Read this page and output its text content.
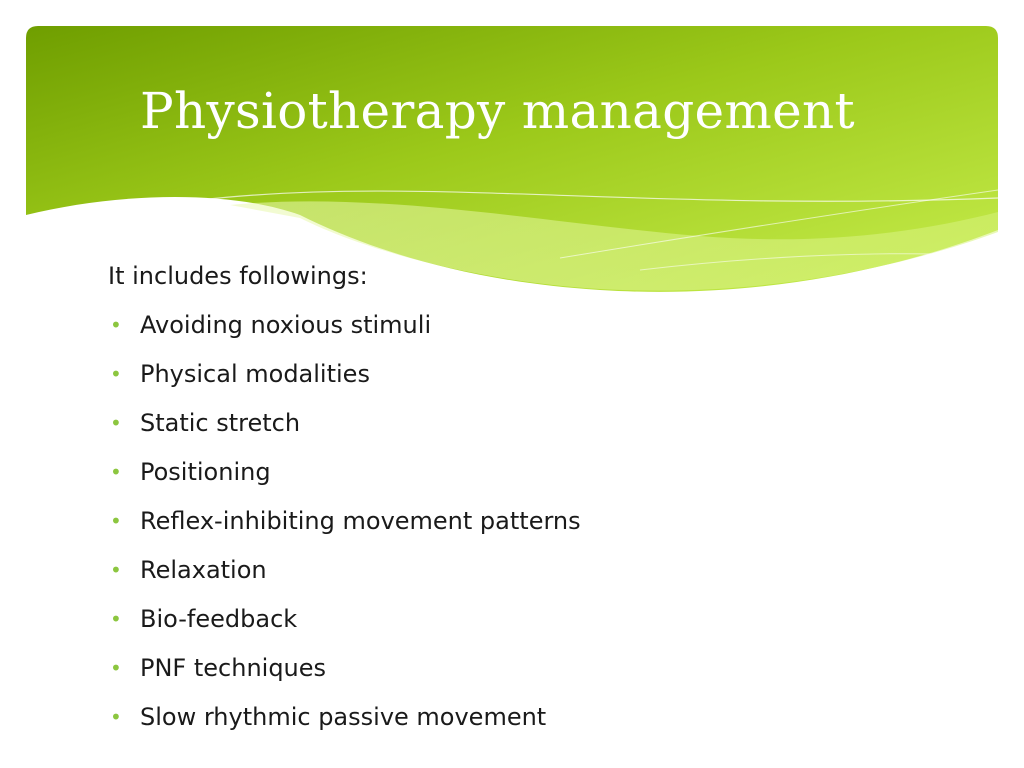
Physiotherapy management

It includes followings:

• Avoiding noxious stimuli
• Physical modalities
• Static stretch
• Positioning
• Reflex-inhibiting movement patterns
• Relaxation
• Bio-feedback
• PNF techniques
• Slow rhythmic passive movement
